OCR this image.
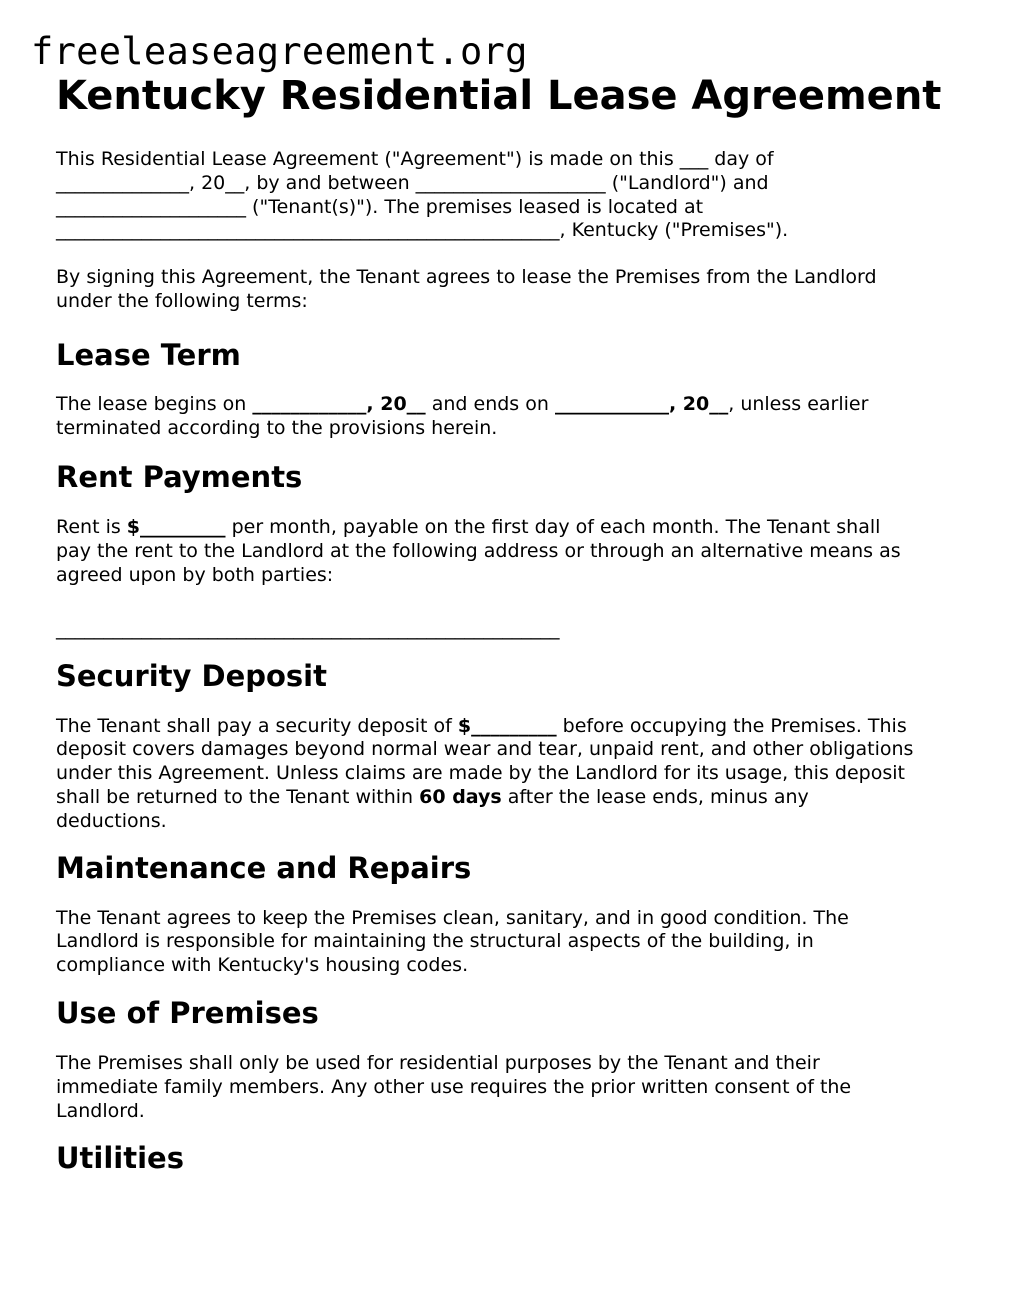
freeleaseagreement.org
Kentucky Residential Lease Agreement

This Residential Lease Agreement ("Agreement") is made on this ___ day of
______________, 20__, by and between ____________________ ("Landlord") and
____________________ ("Tenant(s)"). The premises leased is located at
_____________________________________________________, Kentucky ("Premises").

By signing this Agreement, the Tenant agrees to lease the Premises from the Landlord
under the following terms:

Lease Term

The lease begins on ____________, 20__ and ends on ____________, 20__, unless earlier
terminated according to the provisions herein.

Rent Payments

Rent is $_________ per month, payable on the first day of each month. The Tenant shall
pay the rent to the Landlord at the following address or through an alternative means as
agreed upon by both parties:

_____________________________________________________

Security Deposit

The Tenant shall pay a security deposit of $_________ before occupying the Premises. This
deposit covers damages beyond normal wear and tear, unpaid rent, and other obligations
under this Agreement. Unless claims are made by the Landlord for its usage, this deposit
shall be returned to the Tenant within 60 days after the lease ends, minus any
deductions.

Maintenance and Repairs

The Tenant agrees to keep the Premises clean, sanitary, and in good condition. The
Landlord is responsible for maintaining the structural aspects of the building, in
compliance with Kentucky's housing codes.

Use of Premises

The Premises shall only be used for residential purposes by the Tenant and their
immediate family members. Any other use requires the prior written consent of the
Landlord.

Utilities
